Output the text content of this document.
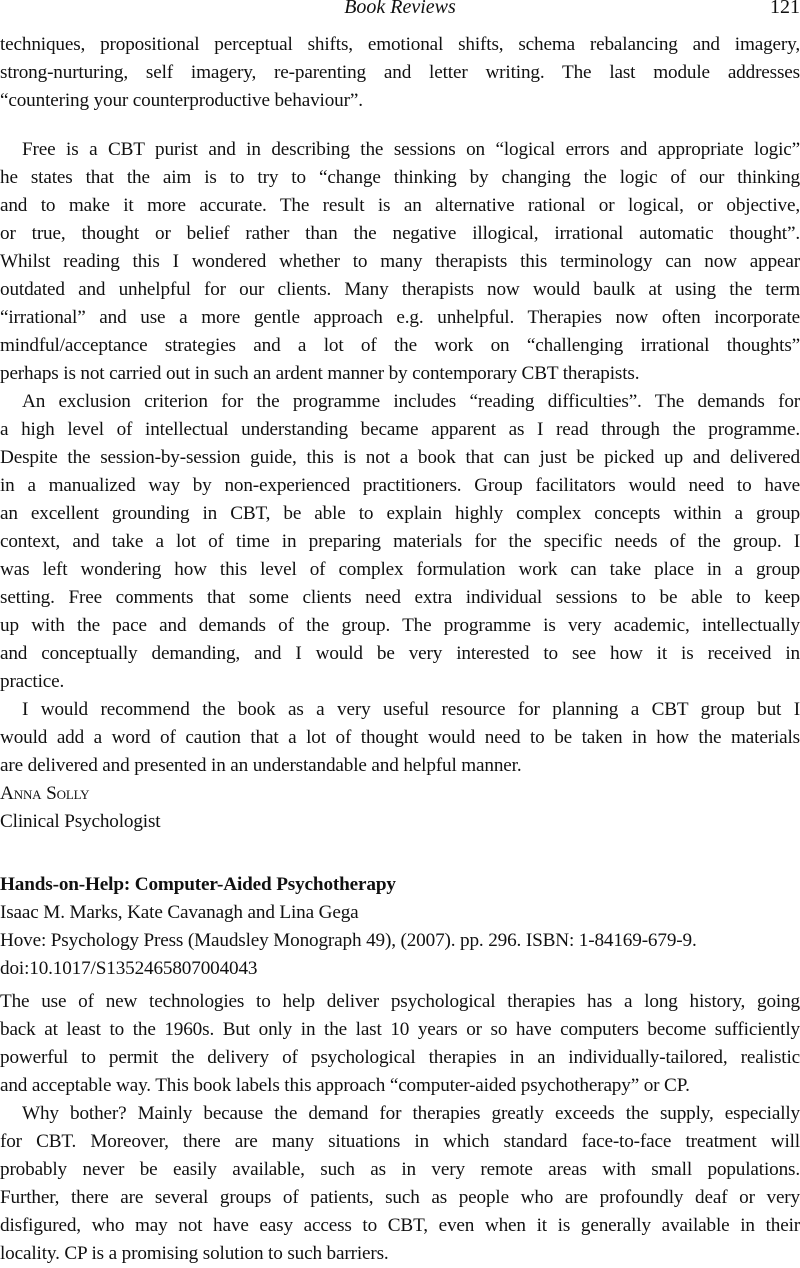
Book Reviews	121
techniques, propositional perceptual shifts, emotional shifts, schema rebalancing and imagery,
strong-nurturing, self imagery, re-parenting and letter writing. The last module addresses
“countering your counterproductive behaviour”.
Free is a CBT purist and in describing the sessions on “logical errors and appropriate logic”
he states that the aim is to try to “change thinking by changing the logic of our thinking
and to make it more accurate. The result is an alternative rational or logical, or objective,
or true, thought or belief rather than the negative illogical, irrational automatic thought”.
Whilst reading this I wondered whether to many therapists this terminology can now appear
outdated and unhelpful for our clients. Many therapists now would baulk at using the term
“irrational” and use a more gentle approach e.g. unhelpful. Therapies now often incorporate
mindful/acceptance strategies and a lot of the work on “challenging irrational thoughts”
perhaps is not carried out in such an ardent manner by contemporary CBT therapists.
An exclusion criterion for the programme includes “reading difficulties”. The demands for
a high level of intellectual understanding became apparent as I read through the programme.
Despite the session-by-session guide, this is not a book that can just be picked up and delivered
in a manualized way by non-experienced practitioners. Group facilitators would need to have
an excellent grounding in CBT, be able to explain highly complex concepts within a group
context, and take a lot of time in preparing materials for the specific needs of the group. I
was left wondering how this level of complex formulation work can take place in a group
setting. Free comments that some clients need extra individual sessions to be able to keep
up with the pace and demands of the group. The programme is very academic, intellectually
and conceptually demanding, and I would be very interested to see how it is received in
practice.
I would recommend the book as a very useful resource for planning a CBT group but I
would add a word of caution that a lot of thought would need to be taken in how the materials
are delivered and presented in an understandable and helpful manner.
Anna Solly
Clinical Psychologist
Hands-on-Help: Computer-Aided Psychotherapy
Isaac M. Marks, Kate Cavanagh and Lina Gega
Hove: Psychology Press (Maudsley Monograph 49), (2007). pp. 296. ISBN: 1-84169-679-9.
doi:10.1017/S1352465807004043
The use of new technologies to help deliver psychological therapies has a long history, going
back at least to the 1960s. But only in the last 10 years or so have computers become sufficiently
powerful to permit the delivery of psychological therapies in an individually-tailored, realistic
and acceptable way. This book labels this approach “computer-aided psychotherapy” or CP.
Why bother? Mainly because the demand for therapies greatly exceeds the supply, especially
for CBT. Moreover, there are many situations in which standard face-to-face treatment will
probably never be easily available, such as in very remote areas with small populations.
Further, there are several groups of patients, such as people who are profoundly deaf or very
disfigured, who may not have easy access to CBT, even when it is generally available in their
locality. CP is a promising solution to such barriers.
